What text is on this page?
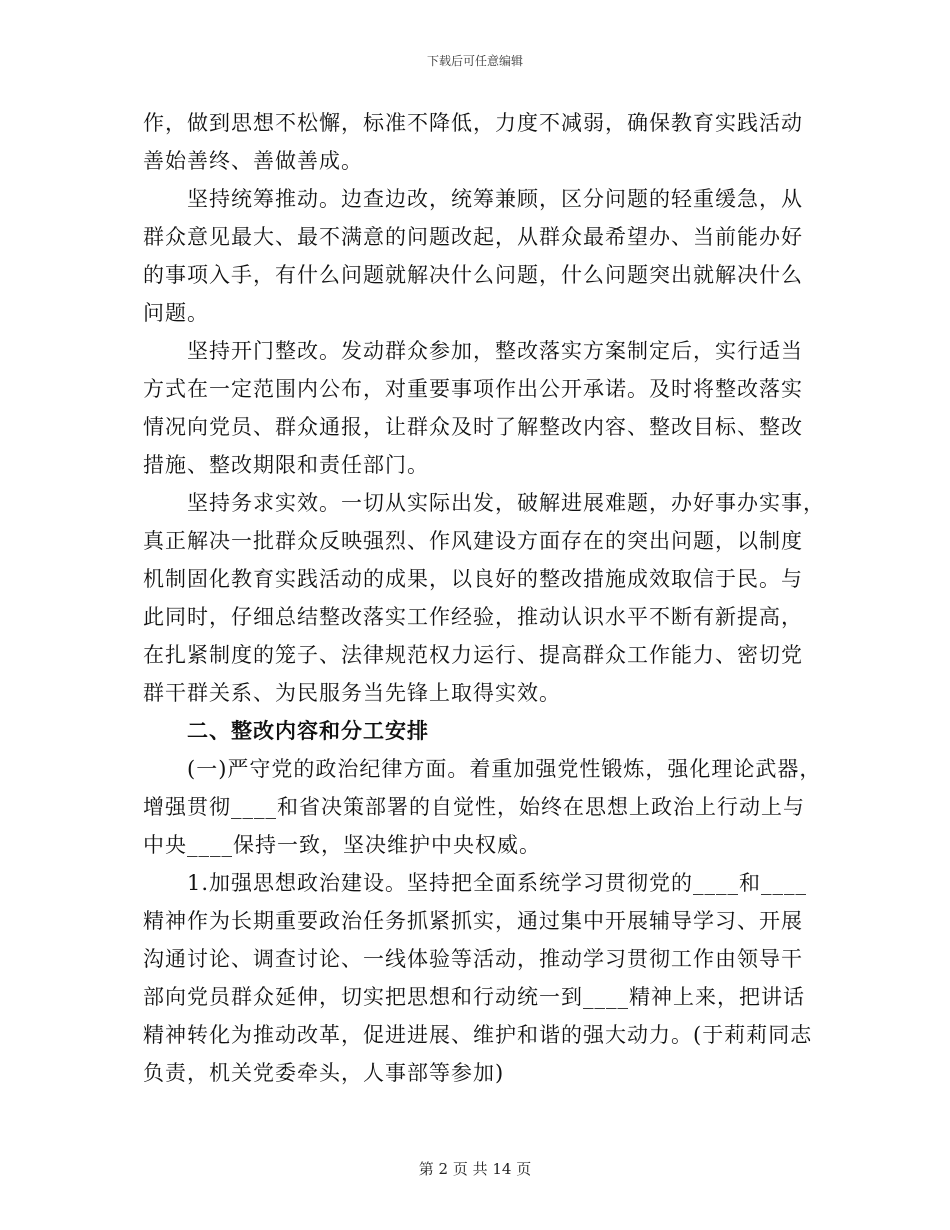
下载后可任意编辑
作，做到思想不松懈，标准不降低，力度不减弱，确保教育实践活动
善始善终、善做善成。
坚持统筹推动。边查边改，统筹兼顾，区分问题的轻重缓急，从
群众意见最大、最不满意的问题改起，从群众最希望办、当前能办好
的事项入手，有什么问题就解决什么问题，什么问题突出就解决什么
问题。
坚持开门整改。发动群众参加，整改落实方案制定后，实行适当
方式在一定范围内公布，对重要事项作出公开承诺。及时将整改落实
情况向党员、群众通报，让群众及时了解整改内容、整改目标、整改
措施、整改期限和责任部门。
坚持务求实效。一切从实际出发，破解进展难题，办好事办实事，
真正解决一批群众反映强烈、作风建设方面存在的突出问题，以制度
机制固化教育实践活动的成果，以良好的整改措施成效取信于民。与
此同时，仔细总结整改落实工作经验，推动认识水平不断有新提高，
在扎紧制度的笼子、法律规范权力运行、提高群众工作能力、密切党
群干群关系、为民服务当先锋上取得实效。
二、整改内容和分工安排
(一)严守党的政治纪律方面。着重加强党性锻炼，强化理论武器，
增强贯彻____和省决策部署的自觉性，始终在思想上政治上行动上与
中央____保持一致，坚决维护中央权威。
1.加强思想政治建设。坚持把全面系统学习贯彻党的____和____
精神作为长期重要政治任务抓紧抓实，通过集中开展辅导学习、开展
沟通讨论、调查讨论、一线体验等活动，推动学习贯彻工作由领导干
部向党员群众延伸，切实把思想和行动统一到____精神上来，把讲话
精神转化为推动改革，促进进展、维护和谐的强大动力。(于莉莉同志
负责，机关党委牵头，人事部等参加)
第 2 页 共 14 页
